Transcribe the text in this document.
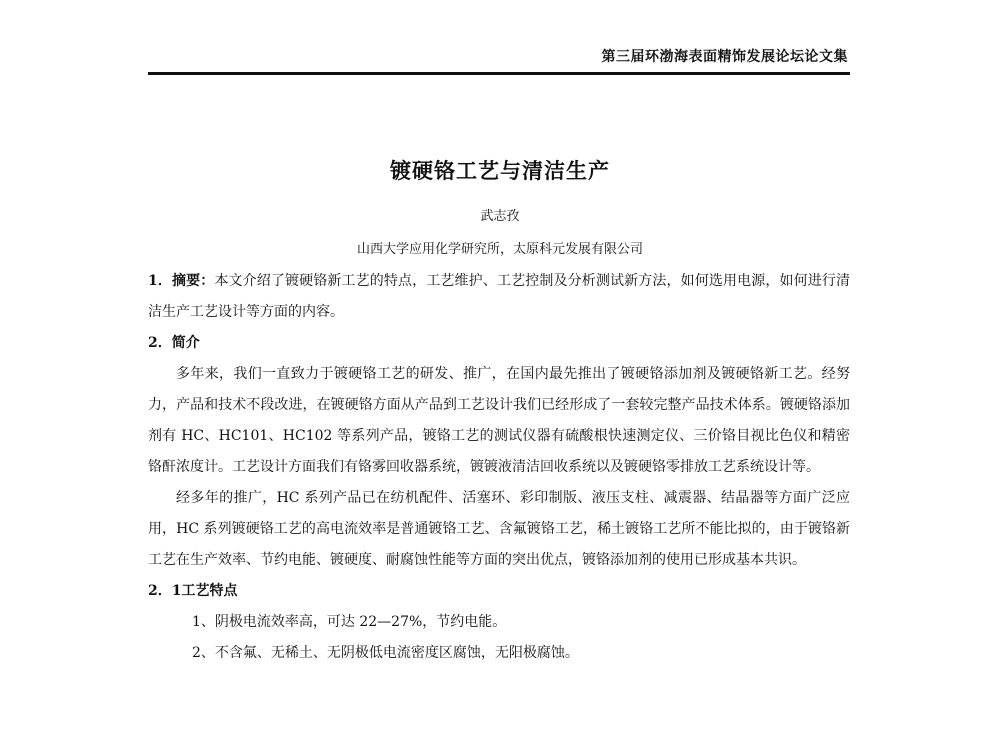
第三届环渤海表面精饰发展论坛论文集
镀硬铬工艺与清洁生产
武志孜
山西大学应用化学研究所，太原科元发展有限公司

1．摘要：本文介绍了镀硬铬新工艺的特点，工艺维护、工艺控制及分析测试新方法，如何选用电源，如何进行清洁生产工艺设计等方面的内容。

2．简介

多年来，我们一直致力于镀硬铬工艺的研发、推广，在国内最先推出了镀硬铬添加剂及镀硬铬新工艺。经努力，产品和技术不段改进，在镀硬铬方面从产品到工艺设计我们已经形成了一套较完整产品技术体系。镀硬铬添加剂有 HC、HC101、HC102 等系列产品，镀铬工艺的测试仪器有硫酸根快速测定仪、三价铬目视比色仪和精密铬酐浓度计。工艺设计方面我们有铬雾回收器系统，镀镀液清洁回收系统以及镀硬铬零排放工艺系统设计等。

经多年的推广，HC 系列产品已在纺机配件、活塞环、彩印制版、液压支柱、减震器、结晶器等方面广泛应用，HC 系列镀硬铬工艺的高电流效率是普通镀铬工艺、含氟镀铬工艺，稀土镀铬工艺所不能比拟的，由于镀铬新工艺在生产效率、节约电能、镀硬度、耐腐蚀性能等方面的突出优点，镀铬添加剂的使用已形成基本共识。

2．1工艺特点

1、阴极电流效率高，可达 22—27%，节约电能。

2、不含氟、无稀土、无阴极低电流密度区腐蚀，无阳极腐蚀。
